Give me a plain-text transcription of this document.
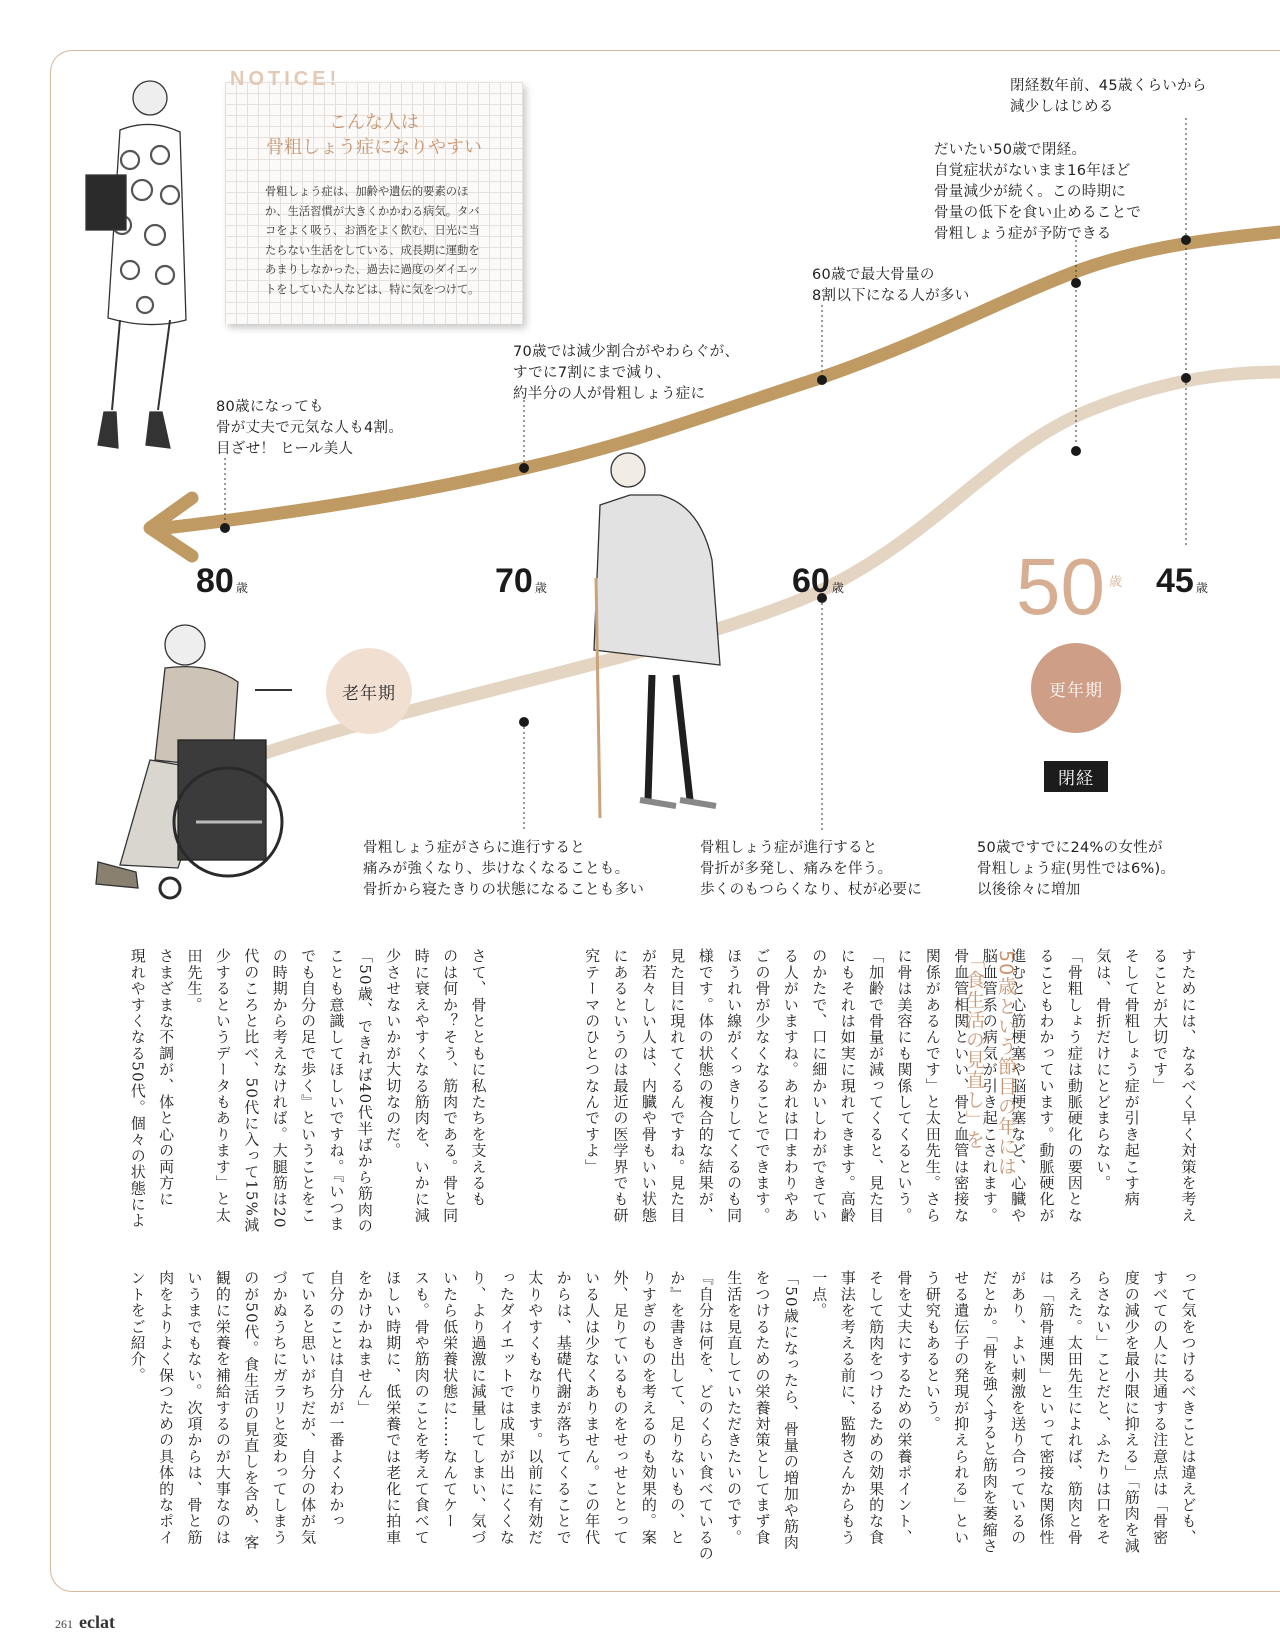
80 歳	70 歳	60 歳 50 $^歳$ 45 歳
老年期	更年期
閉経
閉経数年前、45歳くらいから
減少しはじめる
だいたい50歳で閉経。
自覚症状がないまま16年ほど
骨量減少が続く。この時期に
骨量の低下を食い止めることで
骨粗しょう症が予防できる
60歳で最大骨量の
8割以下になる人が多い
70歳では減少割合がやわらぐが、
すでに7割にまで減り、
約半分の人が骨粗しょう症に
80歳になっても
骨が丈夫で元気な人も4割。
目ざせ！ ヒール美人
50歳ですでに24%の女性が
骨粗しょう症(男性では6%)。
以後徐々に増加
骨粗しょう症が進行すると
骨折が多発し、痛みを伴う。
歩くのもつらくなり、杖が必要に
骨粗しょう症がさらに進行すると
痛みが強くなり、歩けなくなることも。
骨折から寝たきりの状態になることも多い
こんな人は
骨粗しょう症になりやすい
骨粗しょう症は、加齢や遺伝的要素のほ
か、生活習慣が大きくかかわる病気。タバ
コをよく吸う、お酒をよく飲む、日光に当
たらない生活をしている、成長期に運動を
あまりしなかった、過去に過度のダイエッ
トをしていた人などは、特に気をつけて。
NOTICE!
すためには、なるべく早く対策を考え
ることが大切です」
そして骨粗しょう症が引き起こす病
気は、骨折だけにとどまらない。
「骨粗しょう症は動脈硬化の要因とな
ることもわかっています。動脈硬化が
進むと心筋梗塞や脳梗塞など、心臓や
脳血管系の病気が引き起こされます。
骨血管相関といい、骨と血管は密接な
関係があるんです」と太田先生。さら
に骨は美容にも関係してくるという。
「加齢で骨量が減ってくると、見た目
にもそれは如実に現れてきます。高齢
のかたで、口に細かいしわができてい
る人がいますね。あれは口まわりやあ
ごの骨が少なくなることでできます。
ほうれい線がくっきりしてくるのも同
様です。体の状態の複合的な結果が、
見た目に現れてくるんですね。見た目
が若々しい人は、内臓や骨もいい状態
にあるというのは最近の医学界でも研
究テーマのひとつなんですよ」
さて、骨とともに私たちを支えるも
のは何か？そう、筋肉である。骨と同
時に衰えやすくなる筋肉を、いかに減
少させないかが大切なのだ。
「50歳、できれば40代半ばから筋肉の
ことも意識してほしいですね。『いつま
でも自分の足で歩く』ということをこ
の時期から考えなければ。大腿筋は20
代のころと比べ、50代に入って15%減
少するというデータもあります」と太
田先生。
さまざまな不調が、体と心の両方に
現れやすくなる50代。個々の状態によ	50歳という節目の年には
「食生活の見直し」を
って気をつけるべきことは違えども、
すべての人に共通する注意点は「骨密
度の減少を最小限に抑える」「筋肉を減
らさない」ことだと、ふたりは口をそ
ろえた。太田先生によれば、筋肉と骨
は「筋骨連関」といって密接な関係性
があり、よい刺激を送り合っているの
だとか。「骨を強くすると筋肉を萎縮さ
せる遺伝子の発現が抑えられる」とい
う研究もあるという。
骨を丈夫にするための栄養ポイント、
そして筋肉をつけるための効果的な食
事法を考える前に、監物さんからもう
一点。
「50歳になったら、骨量の増加や筋肉
をつけるための栄養対策としてまず食
生活を見直していただきたいのです。
『自分は何を、どのくらい食べているの
か』を書き出して、足りないもの、と
りすぎのものを考えるのも効果的。案
外、足りているものをせっせととって
いる人は少なくありません。この年代
からは、基礎代謝が落ちてくることで
太りやすくもなります。以前に有効だ
ったダイエットでは成果が出にくくな
り、より過激に減量してしまい、気づ
いたら低栄養状態に……なんてケー
スも。骨や筋肉のことを考えて食べて
ほしい時期に、低栄養では老化に拍車
をかけかねません」
自分のことは自分が一番よくわかっ
ていると思いがちだが、自分の体が気
づかぬうちにガラリと変わってしまう
のが50代。食生活の見直しを含め、客
観的に栄養を補給するのが大事なのは
いうまでもない。次項からは、骨と筋
肉をよりよく保つための具体的なポイ
ントをご紹介。
261 eclat
